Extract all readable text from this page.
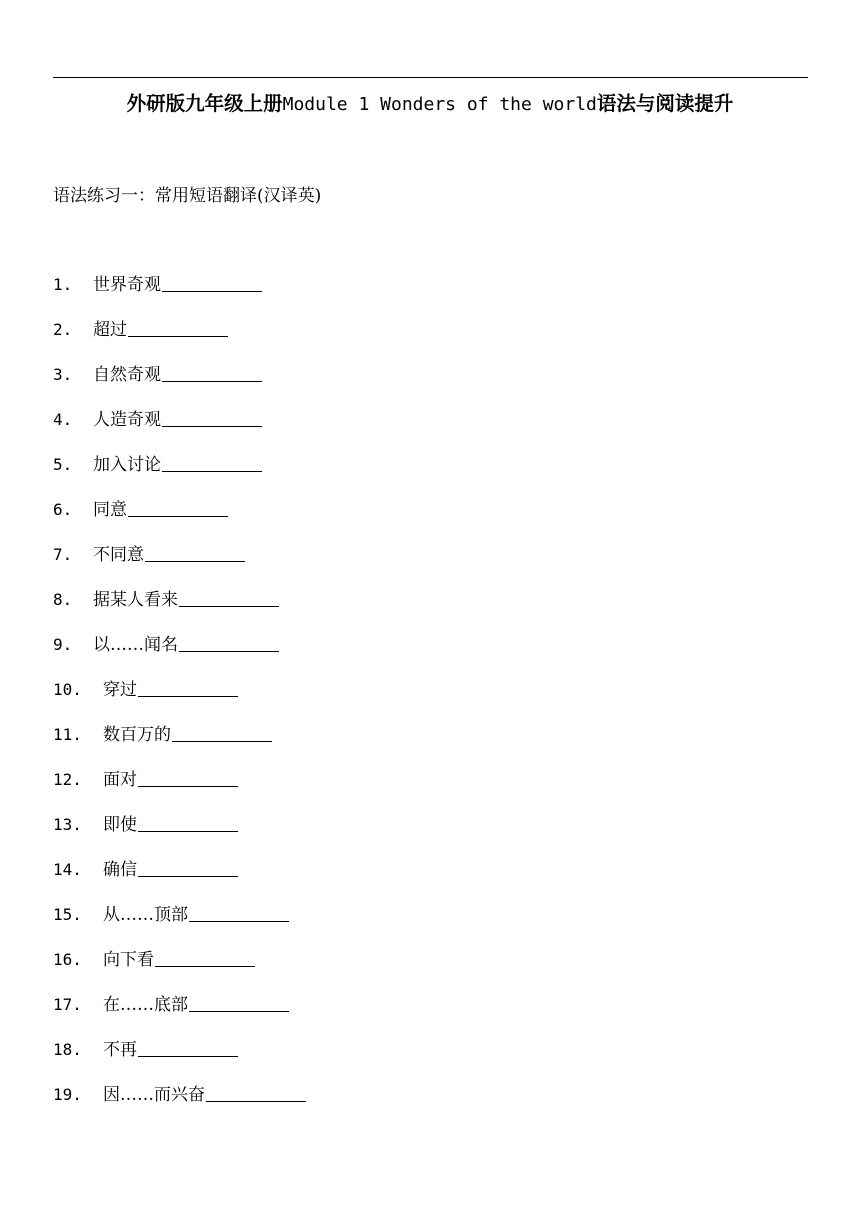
外研版九年级上册Module 1 Wonders of the world语法与阅读提升
语法练习一：常用短语翻译(汉译英)
1.	世界奇观
2.	超过
3.	自然奇观
4.	人造奇观
5.	加入讨论
6.	同意
7.	不同意
8.	据某人看来
9.	以……闻名
10.	穿过
11.	数百万的
12.	面对
13.	即使
14.	确信
15.	从……顶部
16.	向下看
17.	在……底部
18.	不再
19.	因……而兴奋
